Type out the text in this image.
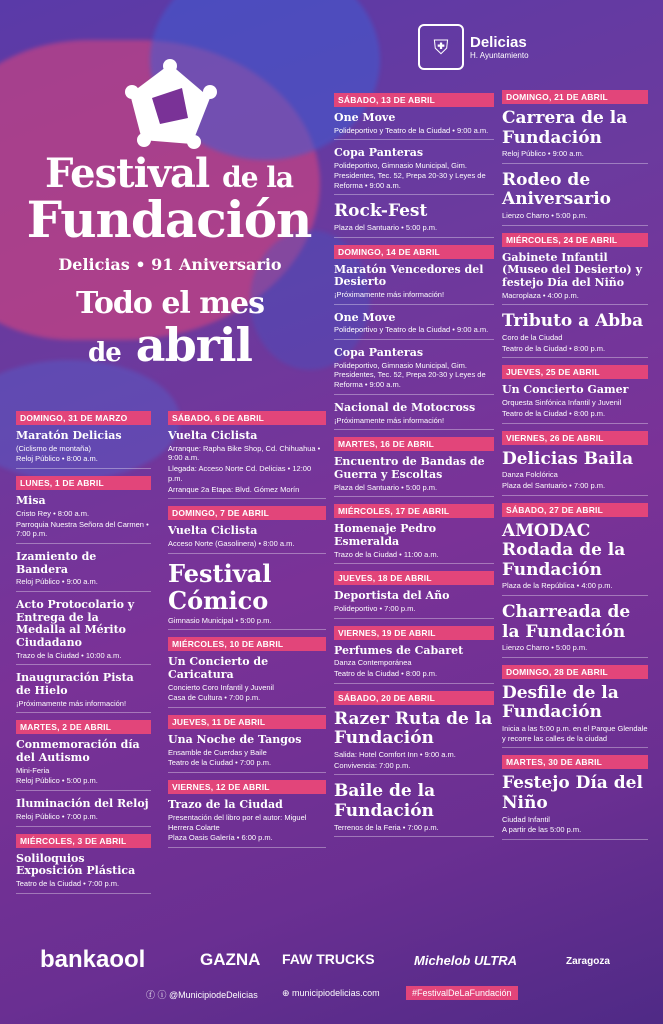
Festival de la
Fundación
Delicias • 91 Aniversario
Todo el mes
de abril
⛨	Delicias
H. Ayuntamiento
DOMINGO, 31 DE MARZO
Maratón Delicias
(Ciclismo de montaña)
Reloj Público • 8:00 a.m.
LUNES, 1 DE ABRIL
Misa
Cristo Rey • 8:00 a.m.
Parroquia Nuestra Señora del Carmen • 7:00 p.m.
Izamiento de Bandera
Reloj Público • 9:00 a.m.
Acto Protocolario y Entrega de la Medalla al Mérito Ciudadano
Trazo de la Ciudad • 10:00 a.m.
Inauguración Pista de Hielo
¡Próximamente más información!
MARTES, 2 DE ABRIL
Conmemoración día del Autismo
Mini-Feria
Reloj Público • 5:00 p.m.
Iluminación del Reloj
Reloj Público • 7:00 p.m.
MIÉRCOLES, 3 DE ABRIL
Soliloquios Exposición Plástica
Teatro de la Ciudad • 7:00 p.m.
SÁBADO, 6 DE ABRIL
Vuelta Ciclista
Arranque: Rapha Bike Shop, Cd. Chihuahua • 9:00 a.m.
Llegada: Acceso Norte Cd. Delicias • 12:00 p.m.
Arranque 2a Etapa: Blvd. Gómez Morín
DOMINGO, 7 DE ABRIL
Vuelta Ciclista
Acceso Norte (Gasolinera) • 8:00 a.m.
Festival Cómico
Gimnasio Municipal • 5:00 p.m.
MIÉRCOLES, 10 DE ABRIL
Un Concierto de Caricatura
Concierto Coro Infantil y Juvenil
Casa de Cultura • 7:00 p.m.
JUEVES, 11 DE ABRIL
Una Noche de Tangos
Ensamble de Cuerdas y Baile
Teatro de la Ciudad • 7:00 p.m.
VIERNES, 12 DE ABRIL
Trazo de la Ciudad
Presentación del libro por el autor: Miguel Herrera Colarte
Plaza Oasis Galería • 6:00 p.m.
SÁBADO, 13 DE ABRIL
One Move
Polideportivo y Teatro de la Ciudad • 9:00 a.m.
Copa Panteras
Polideportivo, Gimnasio Municipal, Gim. Presidentes, Tec. 52, Prepa 20-30 y Leyes de Reforma • 9:00 a.m.
Rock-Fest
Plaza del Santuario • 5:00 p.m.
DOMINGO, 14 DE ABRIL
Maratón Vencedores del Desierto
¡Próximamente más información!
One Move
Polideportivo y Teatro de la Ciudad • 9:00 a.m.
Copa Panteras
Polideportivo, Gimnasio Municipal, Gim. Presidentes, Tec. 52, Prepa 20-30 y Leyes de Reforma • 9:00 a.m.
Nacional de Motocross
¡Próximamente más información!
MARTES, 16 DE ABRIL
Encuentro de Bandas de Guerra y Escoltas
Plaza del Santuario • 5:00 p.m.
MIÉRCOLES, 17 DE ABRIL
Homenaje Pedro Esmeralda
Trazo de la Ciudad • 11:00 a.m.
JUEVES, 18 DE ABRIL
Deportista del Año
Polideportivo • 7:00 p.m.
VIERNES, 19 DE ABRIL
Perfumes de Cabaret
Danza Contemporánea
Teatro de la Ciudad • 8:00 p.m.
SÁBADO, 20 DE ABRIL
Razer Ruta de la Fundación
Salida: Hotel Comfort Inn • 9:00 a.m.
Convivencia: 7:00 p.m.
Baile de la Fundación
Terrenos de la Feria • 7:00 p.m.
DOMINGO, 21 DE ABRIL
Carrera de la Fundación
Reloj Público • 9:00 a.m.
Rodeo de Aniversario
Lienzo Charro • 5:00 p.m.
MIÉRCOLES, 24 DE ABRIL
Gabinete Infantil (Museo del Desierto) y festejo Día del Niño
Macroplaza • 4:00 p.m.
Tributo a Abba
Coro de la Ciudad
Teatro de la Ciudad • 8:00 p.m.
JUEVES, 25 DE ABRIL
Un Concierto Gamer
Orquesta Sinfónica Infantil y Juvenil
Teatro de la Ciudad • 8:00 p.m.
VIERNES, 26 DE ABRIL
Delicias Baila
Danza Folclórica
Plaza del Santuario • 7:00 p.m.
SÁBADO, 27 DE ABRIL
AMODAC Rodada de la Fundación
Plaza de la República • 4:00 p.m.
Charreada de la Fundación
Lienzo Charro • 5:00 p.m.
DOMINGO, 28 DE ABRIL
Desfile de la Fundación
Inicia a las 5:00 p.m. en el Parque Glendale y recorre las calles de la ciudad
MARTES, 30 DE ABRIL
Festejo Día del Niño
Ciudad Infantil
A partir de las 5:00 p.m.
bankaool	GAZNA FAW TRUCKS	Michelob ULTRA	Zaragoza
ⓕ ⓘ @MunicipiodeDelicias	⊕ municipiodelicias.com	#FestivalDeLaFundación
